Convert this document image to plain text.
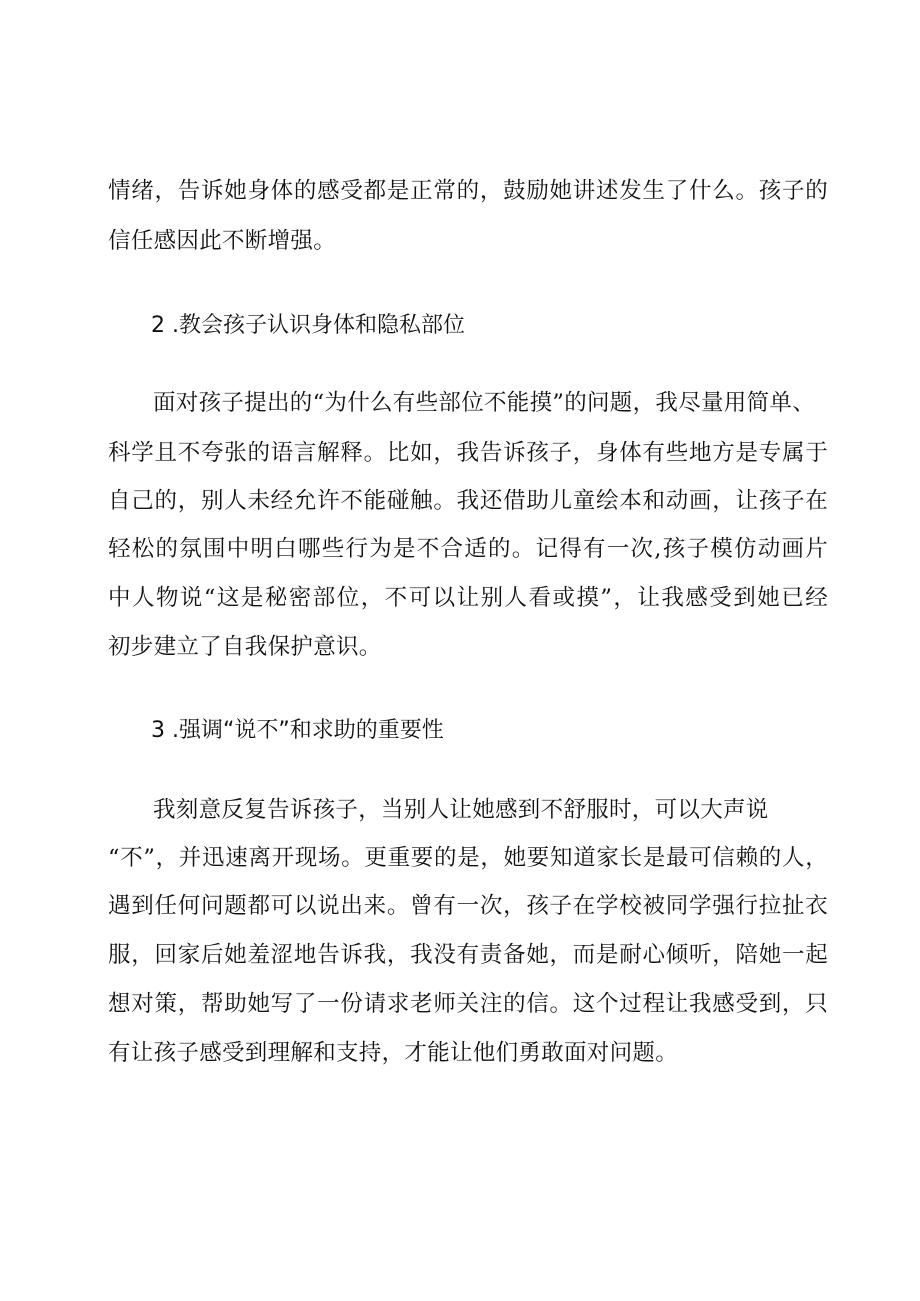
情绪，告诉她身体的感受都是正常的，鼓励她讲述发生了什么。孩子的
信任感因此不断增强。
2 .教会孩子认识身体和隐私部位
面对孩子提出的“为什么有些部位不能摸”的问题，我尽量用简单、
科学且不夸张的语言解释。比如，我告诉孩子，身体有些地方是专属于
自己的，别人未经允许不能碰触。我还借助儿童绘本和动画，让孩子在
轻松的氛围中明白哪些行为是不合适的。记得有一次,孩子模仿动画片
中人物说“这是秘密部位，不可以让别人看或摸”，让我感受到她已经
初步建立了自我保护意识。
3 .强调“说不”和求助的重要性
我刻意反复告诉孩子，当别人让她感到不舒服时，可以大声说
“不”，并迅速离开现场。更重要的是，她要知道家长是最可信赖的人，
遇到任何问题都可以说出来。曾有一次，孩子在学校被同学强行拉扯衣
服，回家后她羞涩地告诉我，我没有责备她，而是耐心倾听，陪她一起
想对策，帮助她写了一份请求老师关注的信。这个过程让我感受到，只
有让孩子感受到理解和支持，才能让他们勇敢面对问题。
